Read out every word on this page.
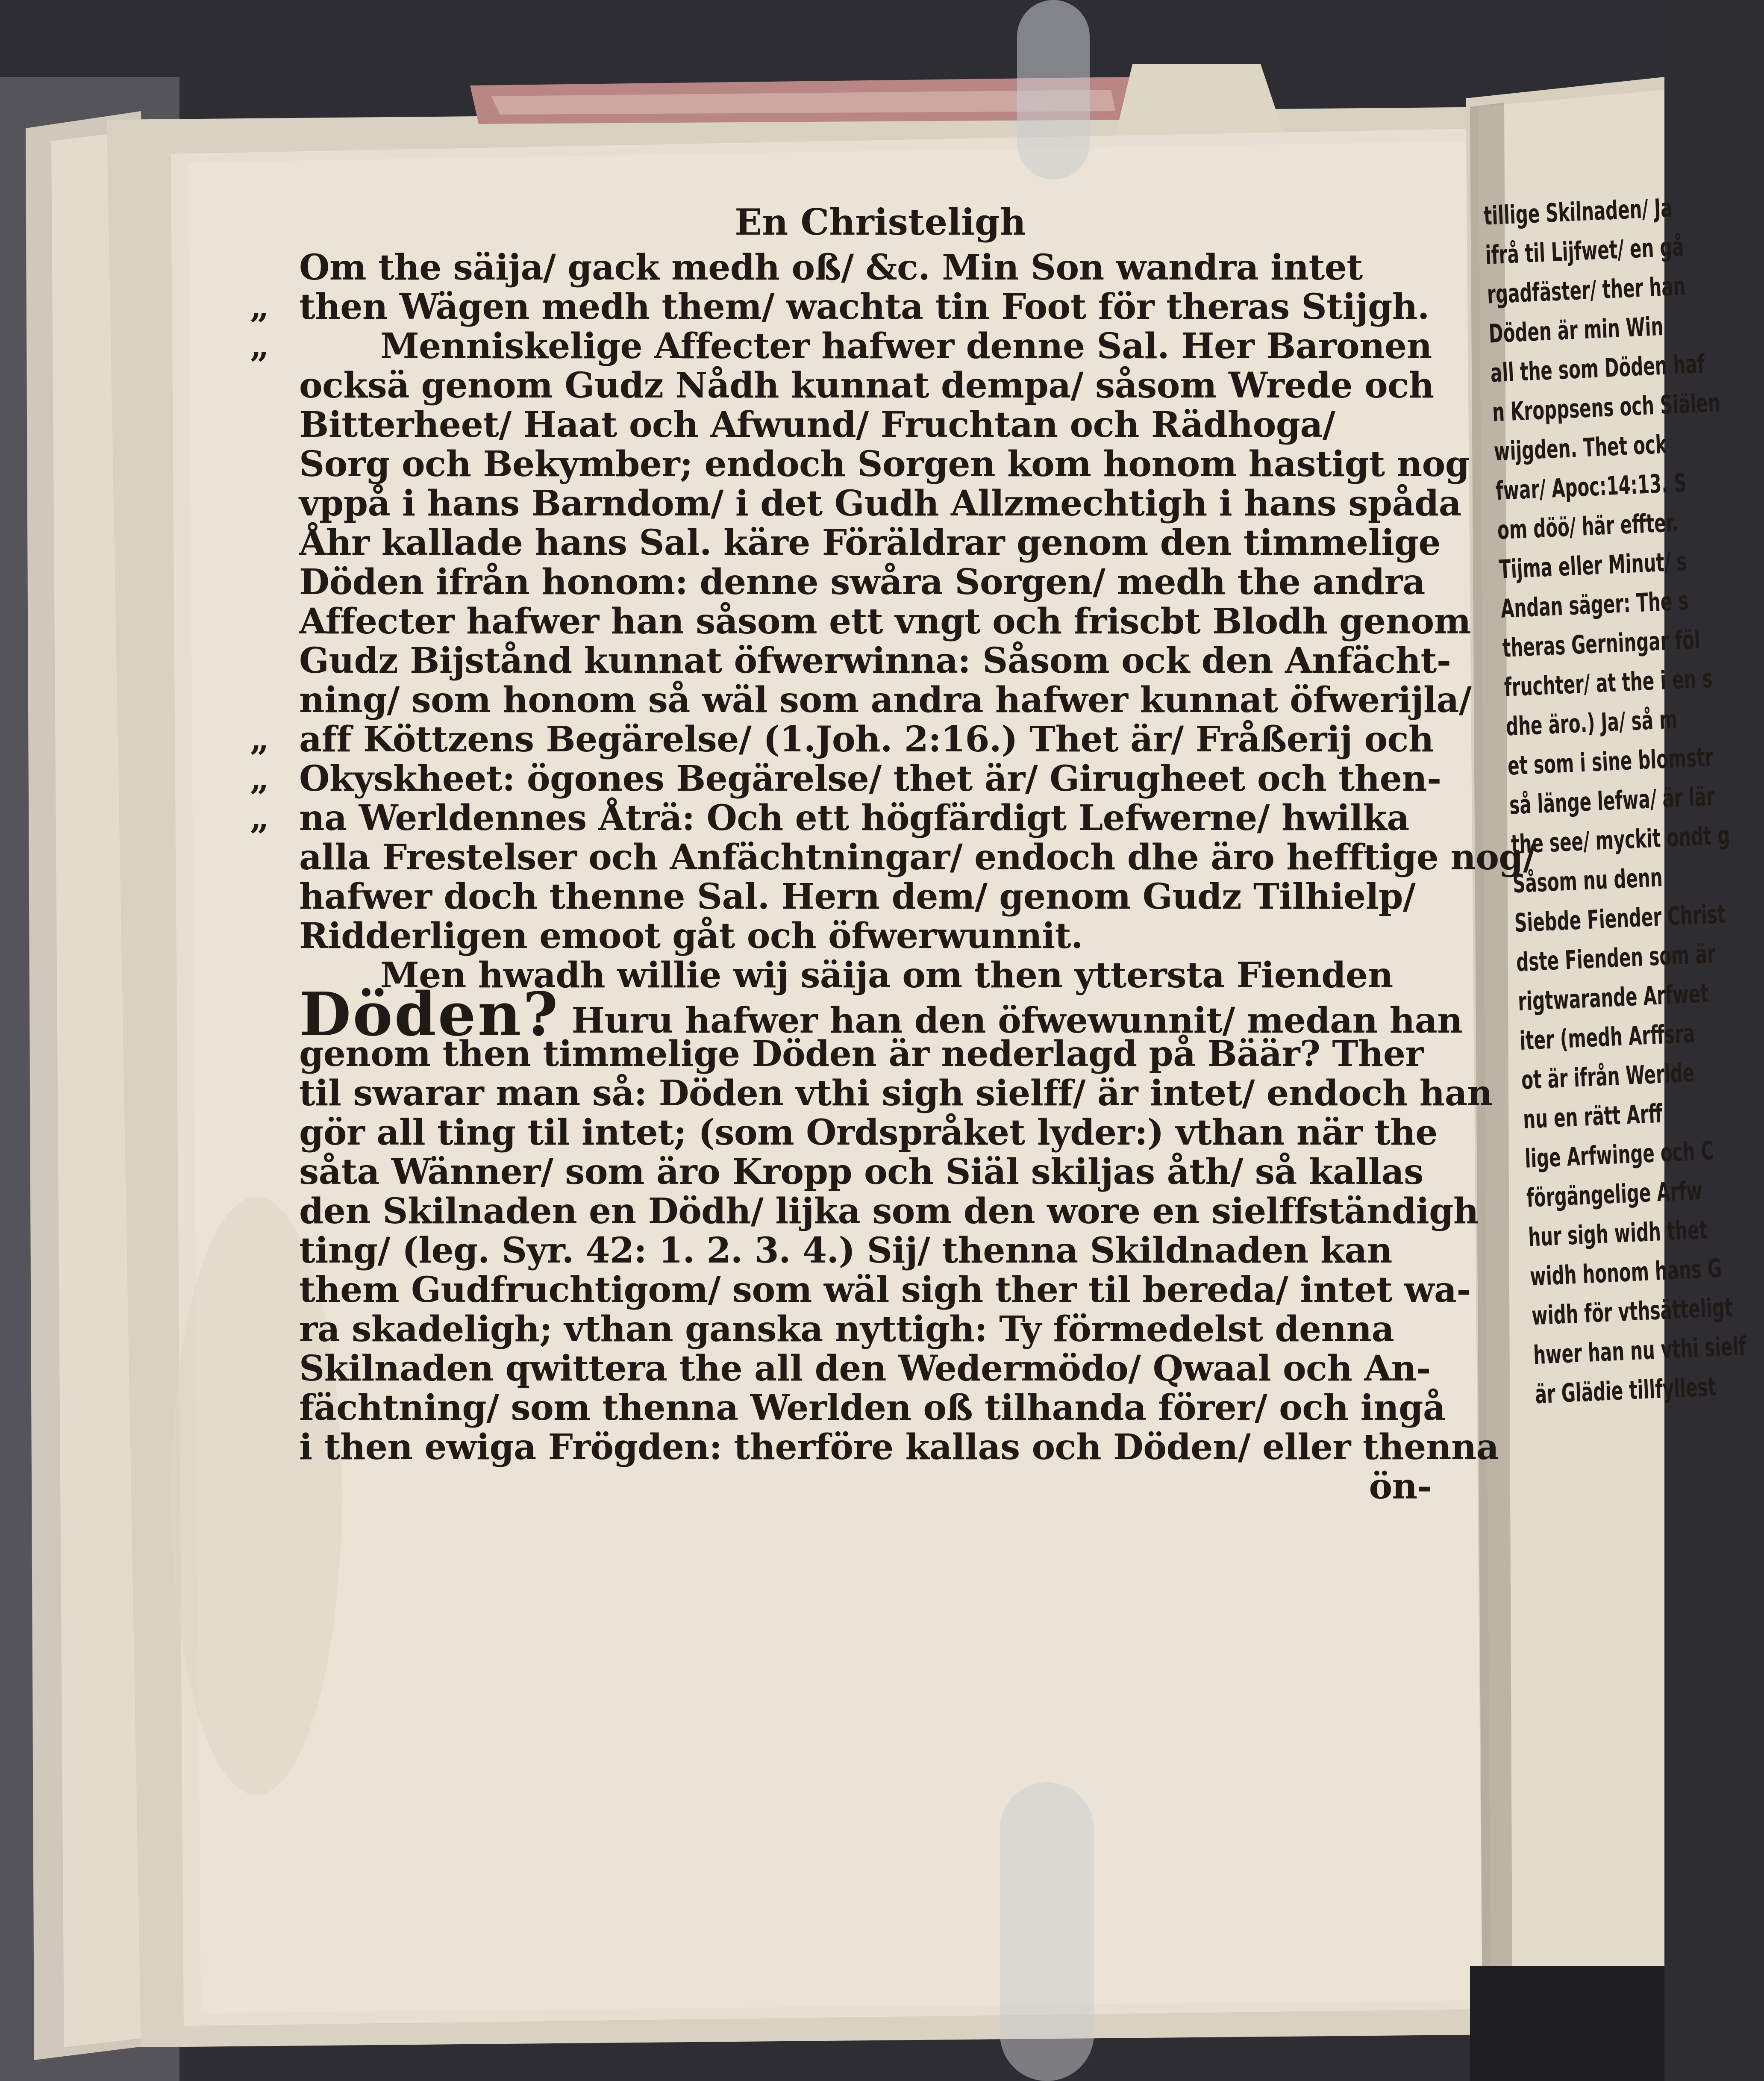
En Christeligh
Om the säija/ gack medh oß/ &c. Min Son wandra intet
„ then Wägen medh them/ wachta tin Foot för theras Stijgh.
„	Menniskelige Affecter hafwer denne Sal. Her Baronen
ocksä genom Gudz Nådh kunnat dempa/ såsom Wrede och
Bitterheet/ Haat och Afwund/ Fruchtan och Rädhoga/
Sorg och Bekymber; endoch Sorgen kom honom hastigt nog
vppå i hans Barndom/ i det Gudh Allzmechtigh i hans spåda
Åhr kallade hans Sal. käre Föräldrar genom den timmelige
Döden ifrån honom: denne swåra Sorgen/ medh the andra
Affecter hafwer han såsom ett vngt och friscbt Blodh genom
Gudz Bijstånd kunnat öfwerwinna: Såsom ock den Anfächt-
ning/ som honom så wäl som andra hafwer kunnat öfwerijla/
„ aff Köttzens Begärelse/ (1.Joh. 2:16.) Thet är/ Fråßerij och
„ Okyskheet: ögones Begärelse/ thet är/ Girugheet och then-
„ na Werldennes Åträ: Och ett högfärdigt Lefwerne/ hwilka
alla Frestelser och Anfächtningar/ endoch dhe äro hefftige nog/
hafwer doch thenne Sal. Hern dem/ genom Gudz Tilhielp/
Ridderligen emoot gåt och öfwerwunnit.
Men hwadh willie wij säija om then yttersta Fienden
Döden? Huru hafwer han den öfwewunnit/ medan han
genom then timmelige Döden är nederlagd på Bäär? Ther
til swarar man så: Döden vthi sigh sielff/ är intet/ endoch han
gör all ting til intet; (som Ordspråket lyder:) vthan när the
såta Wänner/ som äro Kropp och Siäl skiljas åth/ så kallas
den Skilnaden en Dödh/ lijka som den wore en sielffständigh
ting/ (leg. Syr. 42: 1. 2. 3. 4.) Sij/ thenna Skildnaden kan
them Gudfruchtigom/ som wäl sigh ther til bereda/ intet wa-
ra skadeligh; vthan ganska nyttigh: Ty förmedelst denna
Skilnaden qwittera the all den Wedermödo/ Qwaal och An-
fächtning/ som thenna Werlden oß tilhanda förer/ och ingå
i then ewiga Frögden: therföre kallas och Döden/ eller thenna
ön-
tillige Skilnaden/ Ja
ifrå til Lijfwet/ en gå
rgadfäster/ ther han
Döden är min Win
all the som Döden haf
n Kroppsens och Siälen
wijgden. Thet ock
fwar/ Apoc:14:13. S
om döö/ här effter.
Tijma eller Minut/ s
Andan säger: The s
theras Gerningar föl
fruchter/ at the i en s
dhe äro.) Ja/ så m
et som i sine blomstr
så länge lefwa/ är lär
the see/ myckit ondt g
Såsom nu denn
Siebde Fiender Christ
dste Fienden som är
rigtwarande Arfwet
iter (medh Arffsra
ot är ifrån Werlde
nu en rätt Arff
lige Arfwinge och C
förgängelige Arfw
hur sigh widh thet
widh honom hans G
widh för vthsätteligt
hwer han nu vthi sielf
är Glädie tillfyllest
